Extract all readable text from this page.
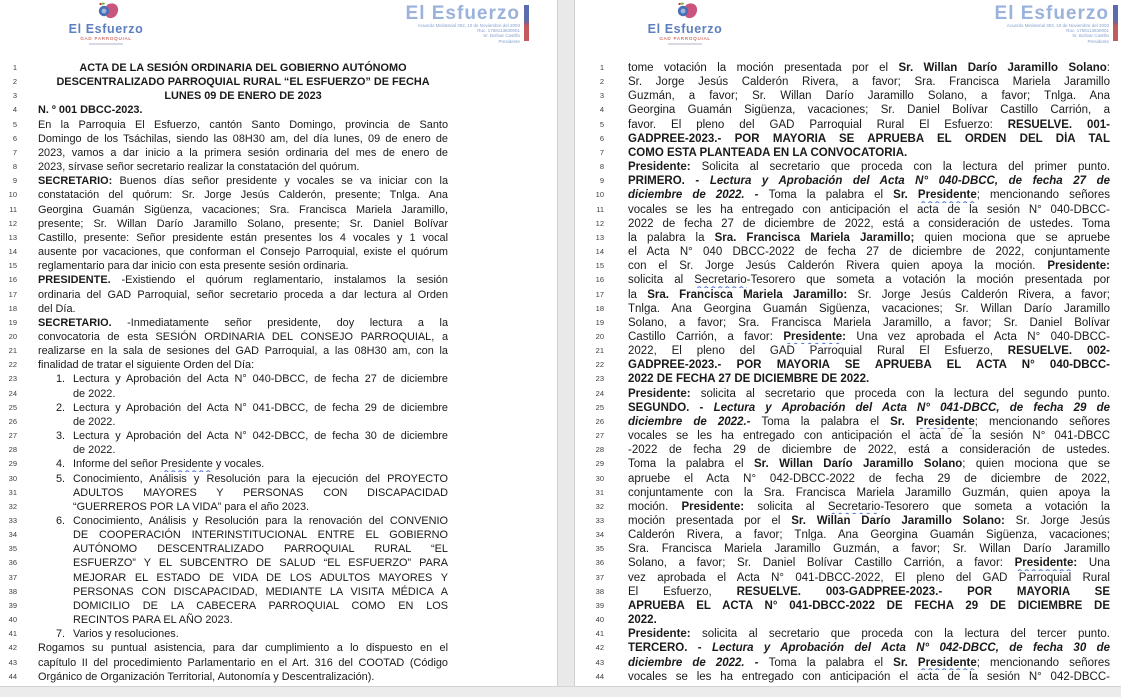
El Esfuerzo
GAD PARROQUIAL
El Esfuerzo
Acuerdo Ministerial 302, 10 de Noviembre del 2003
Ruc. 1768113830001
Sr. Bolívar Castillo
Presidente
1	ACTA DE LA SESIÓN ORDINARIA DEL GOBIERNO AUTÓNOMO
2	DESCENTRALIZADO PARROQUIAL RURAL “EL ESFUERZO” DE FECHA
3	LUNES 09 DE ENERO DE 2023
4 N. º 001 DBCC-2023.
5 En la Parroquia El Esfuerzo, cantón Santo Domingo, provincia de Santo
6 Domingo de los Tsáchilas, siendo las 08H30 am, del día lunes, 09 de enero de
7 2023, vamos a dar inicio a la primera sesión ordinaria del mes de enero de
8 2023, sírvase señor secretario realizar la constatación del quórum.
9 SECRETARIO: Buenos días señor presidente y vocales se va iniciar con la
10 constatación del quórum: Sr. Jorge Jesús Calderón, presente; Tnlga. Ana
11 Georgina Guamán Sigüenza, vacaciones; Sra. Francisca Mariela Jaramillo,
12 presente; Sr. Willan Darío Jaramillo Solano, presente; Sr. Daniel Bolívar
13 Castillo, presente: Señor presidente están presentes los 4 vocales y 1 vocal
14 ausente por vacaciones, que conforman el Consejo Parroquial, existe el quórum
15 reglamentario para dar inicio con esta presente sesión ordinaria.
16 PRESIDENTE. -Existiendo el quórum reglamentario, instalamos la sesión
17 ordinaria del GAD Parroquial, señor secretario proceda a dar lectura al Orden
18 del Día.
19 SECRETARIO. -Inmediatamente señor presidente, doy lectura a la
20 convocatoria de esta SESIÓN ORDINARIA DEL CONSEJO PARROQUIAL, a
21 realizarse en la sala de sesiones del GAD Parroquial, a las 08H30 am, con la
22 finalidad de tratar el siguiente Orden del Día:
23	1. Lectura y Aprobación del Acta N° 040-DBCC, de fecha 27 de diciembre
24	de 2022.
25	2. Lectura y Aprobación del Acta N° 041-DBCC, de fecha 29 de diciembre
26	de 2022.
27	3. Lectura y Aprobación del Acta N° 042-DBCC, de fecha 30 de diciembre
28	de 2022.
29	4. Informe del señor Presidente y vocales.
30	5. Conocimiento, Análisis y Resolución para la ejecución del PROYECTO
31	ADULTOS MAYORES Y PERSONAS CON DISCAPACIDAD
32	“GUERREROS POR LA VIDA” para el año 2023.
33	6. Conocimiento, Análisis y Resolución para la renovación del CONVENIO
34	DE COOPERACIÓN INTERINSTITUCIONAL ENTRE EL GOBIERNO
35	AUTÓNOMO DESCENTRALIZADO PARROQUIAL RURAL “EL
36	ESFUERZO” Y EL SUBCENTRO DE SALUD “EL ESFUERZO” PARA
37	MEJORAR EL ESTADO DE VIDA DE LOS ADULTOS MAYORES Y
38	PERSONAS CON DISCAPACIDAD, MEDIANTE LA VISITA MÉDICA A
39	DOMICILIO DE LA CABECERA PARROQUIAL COMO EN LOS
40	RECINTOS PARA EL AÑO 2023.
41	7. Varios y resoluciones.
42 Rogamos su puntual asistencia, para dar cumplimiento a lo dispuesto en el
43 capítulo II del procedimiento Parlamentario en el Art. 316 del COOTAD (Código
44 Orgánico de Organización Territorial, Autonomía y Descentralización).
El Esfuerzo
GAD PARROQUIAL
El Esfuerzo
Acuerdo Ministerial 302, 10 de Noviembre del 2003
Ruc. 1768113830001
Sr. Bolívar Castillo
Presidente
1 tome votación la moción presentada por el Sr. Willan Darío Jaramillo Solano:
2 Sr. Jorge Jesús Calderón Rivera, a favor; Sra. Francisca Mariela Jaramillo
3 Guzmán, a favor; Sr. Willan Darío Jaramillo Solano, a favor; Tnlga. Ana
4 Georgina Guamán Sigüenza, vacaciones; Sr. Daniel Bolívar Castillo Carrión, a
5 favor. El pleno del GAD Parroquial Rural El Esfuerzo: RESUELVE. 001-
6 GADPREE-2023.- POR MAYORIA SE APRUEBA EL ORDEN DEL DÍA TAL
7 COMO ESTA PLANTEADA EN LA CONVOCATORIA.
8 Presidente: Solicita al secretario que proceda con la lectura del primer punto.
9 PRIMERO. - Lectura y Aprobación del Acta N° 040-DBCC, de fecha 27 de
10 diciembre de 2022. - Toma la palabra el Sr. Presidente; mencionando señores
11 vocales se les ha entregado con anticipación el acta de la sesión N° 040-DBCC-
12 2022 de fecha 27 de diciembre de 2022, está a consideración de ustedes. Toma
13 la palabra la Sra. Francisca Mariela Jaramillo; quien mociona que se apruebe
14 el Acta N° 040 DBCC-2022 de fecha 27 de diciembre de 2022, conjuntamente
15 con el Sr. Jorge Jesús Calderón Rivera quien apoya la moción. Presidente:
16 solicita al Secretario-Tesorero que someta a votación la moción presentada por
17 la Sra. Francisca Mariela Jaramillo: Sr. Jorge Jesús Calderón Rivera, a favor;
18 Tnlga. Ana Georgina Guamán Sigüenza, vacaciones; Sr. Willan Darío Jaramillo
19 Solano, a favor; Sra. Francisca Mariela Jaramillo, a favor; Sr. Daniel Bolívar
20 Castillo Carrión, a favor: Presidente: Una vez aprobada el Acta N° 040-DBCC-
21 2022, El pleno del GAD Parroquial Rural El Esfuerzo, RESUELVE. 002-
22 GADPREE-2023.- POR MAYORIA SE APRUEBA EL ACTA N° 040-DBCC-
23 2022 DE FECHA 27 DE DICIEMBRE DE 2022.
24 Presidente: solicita al secretario que proceda con la lectura del segundo punto.
25 SEGUNDO. - Lectura y Aprobación del Acta N° 041-DBCC, de fecha 29 de
26 diciembre de 2022.- Toma la palabra el Sr. Presidente; mencionando señores
27 vocales se les ha entregado con anticipación el acta de la sesión N° 041-DBCC
28 -2022 de fecha 29 de diciembre de 2022, está a consideración de ustedes.
29 Toma la palabra el Sr. Willan Darío Jaramillo Solano; quien mociona que se
30 apruebe el Acta N° 042-DBCC-2022 de fecha 29 de diciembre de 2022,
31 conjuntamente con la Sra. Francisca Mariela Jaramillo Guzmán, quien apoya la
32 moción. Presidente: solicita al Secretario-Tesorero que someta a votación la
33 moción presentada por el Sr. Willan Darío Jaramillo Solano: Sr. Jorge Jesús
34 Calderón Rivera, a favor; Tnlga. Ana Georgina Guamán Sigüenza, vacaciones;
35 Sra. Francisca Mariela Jaramillo Guzmán, a favor; Sr. Willan Darío Jaramillo
36 Solano, a favor; Sr. Daniel Bolívar Castillo Carrión, a favor: Presidente: Una
37 vez aprobada el Acta N° 041-DBCC-2022, El pleno del GAD Parroquial Rural
38 El Esfuerzo, RESUELVE. 003-GADPREE-2023.- POR MAYORIA SE
39 APRUEBA EL ACTA N° 041-DBCC-2022 DE FECHA 29 DE DICIEMBRE DE
40 2022.
41 Presidente: solicita al secretario que proceda con la lectura del tercer punto.
42 TERCERO. - Lectura y Aprobación del Acta N° 042-DBCC, de fecha 30 de
43 diciembre de 2022. - Toma la palabra el Sr. Presidente; mencionando señores
44 vocales se les ha entregado con anticipación el acta de la sesión N° 042-DBCC-
